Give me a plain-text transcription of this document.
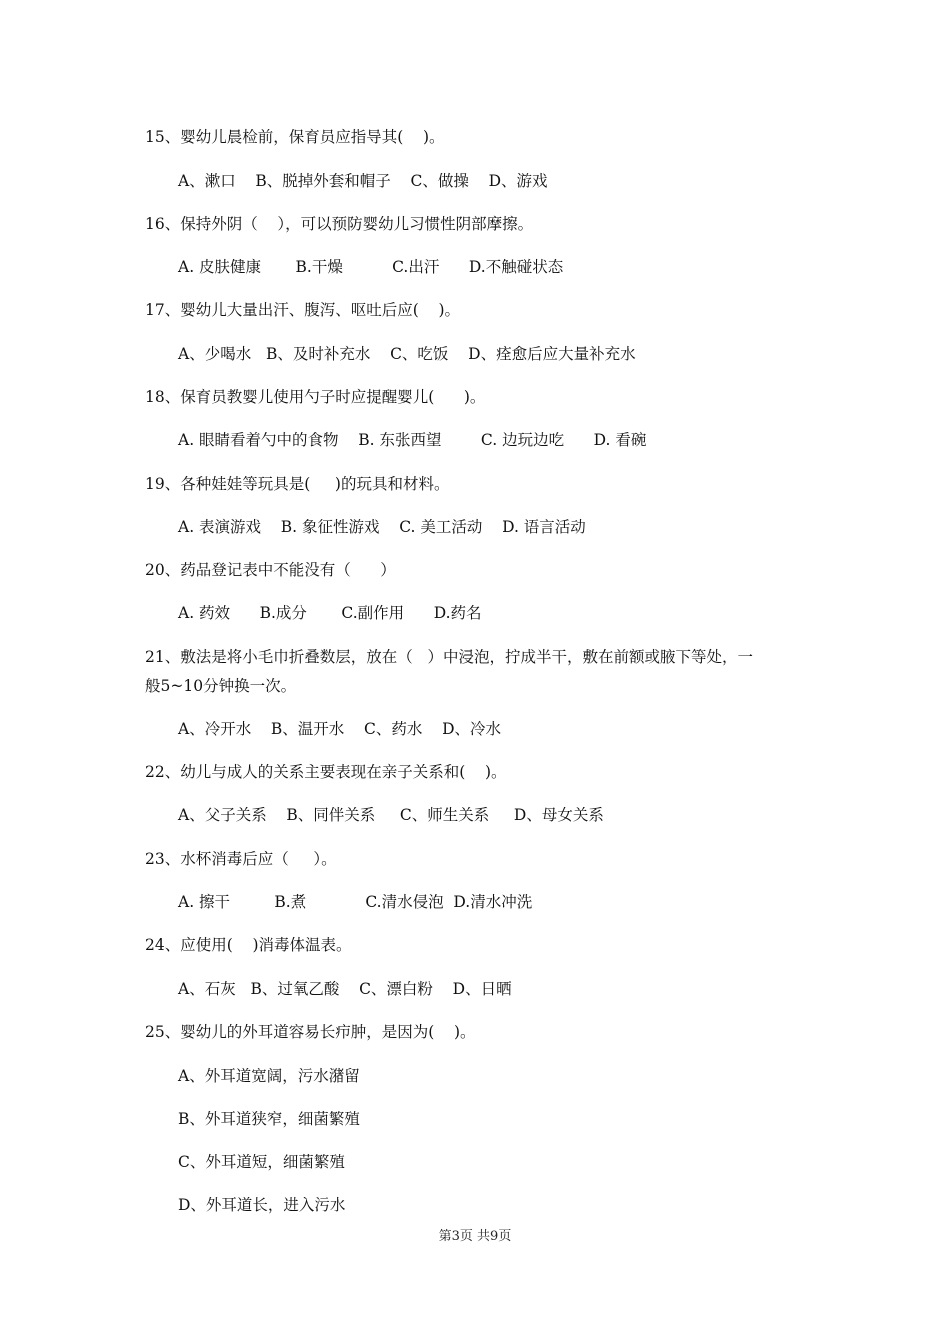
15、婴幼儿晨检前，保育员应指导其(    )。

A、漱口    B、脱掉外套和帽子    C、做操    D、游戏

16、保持外阴（    ），可以预防婴幼儿习惯性阴部摩擦。

A. 皮肤健康       B.干燥          C.出汗      D.不触碰状态

17、婴幼儿大量出汗、腹泻、呕吐后应(    )。

A、少喝水   B、及时补充水    C、吃饭    D、痊愈后应大量补充水

18、保育员教婴儿使用勺子时应提醒婴儿(      )。

A. 眼睛看着勺中的食物    B. 东张西望        C. 边玩边吃      D. 看碗

19、各种娃娃等玩具是(     )的玩具和材料。

A. 表演游戏    B. 象征性游戏    C. 美工活动    D. 语言活动

20、药品登记表中不能没有（      ）

A. 药效      B.成分       C.副作用      D.药名

21、敷法是将小毛巾折叠数层，放在（   ）中浸泡，拧成半干，敷在前额或腋下等处，一

般5~10分钟换一次。

A、冷开水    B、温开水    C、药水    D、冷水

22、幼儿与成人的关系主要表现在亲子关系和(    )。

A、父子关系    B、同伴关系     C、师生关系     D、母女关系

23、水杯消毒后应（     ）。

A. 擦干         B.煮            C.清水侵泡  D.清水冲洗

24、应使用(    )消毒体温表。

A、石灰   B、过氧乙酸    C、漂白粉    D、日晒

25、婴幼儿的外耳道容易长疖肿，是因为(    )。

A、外耳道宽阔，污水潴留

B、外耳道狭窄，细菌繁殖

C、外耳道短，细菌繁殖

D、外耳道长，进入污水

第3页 共9页
